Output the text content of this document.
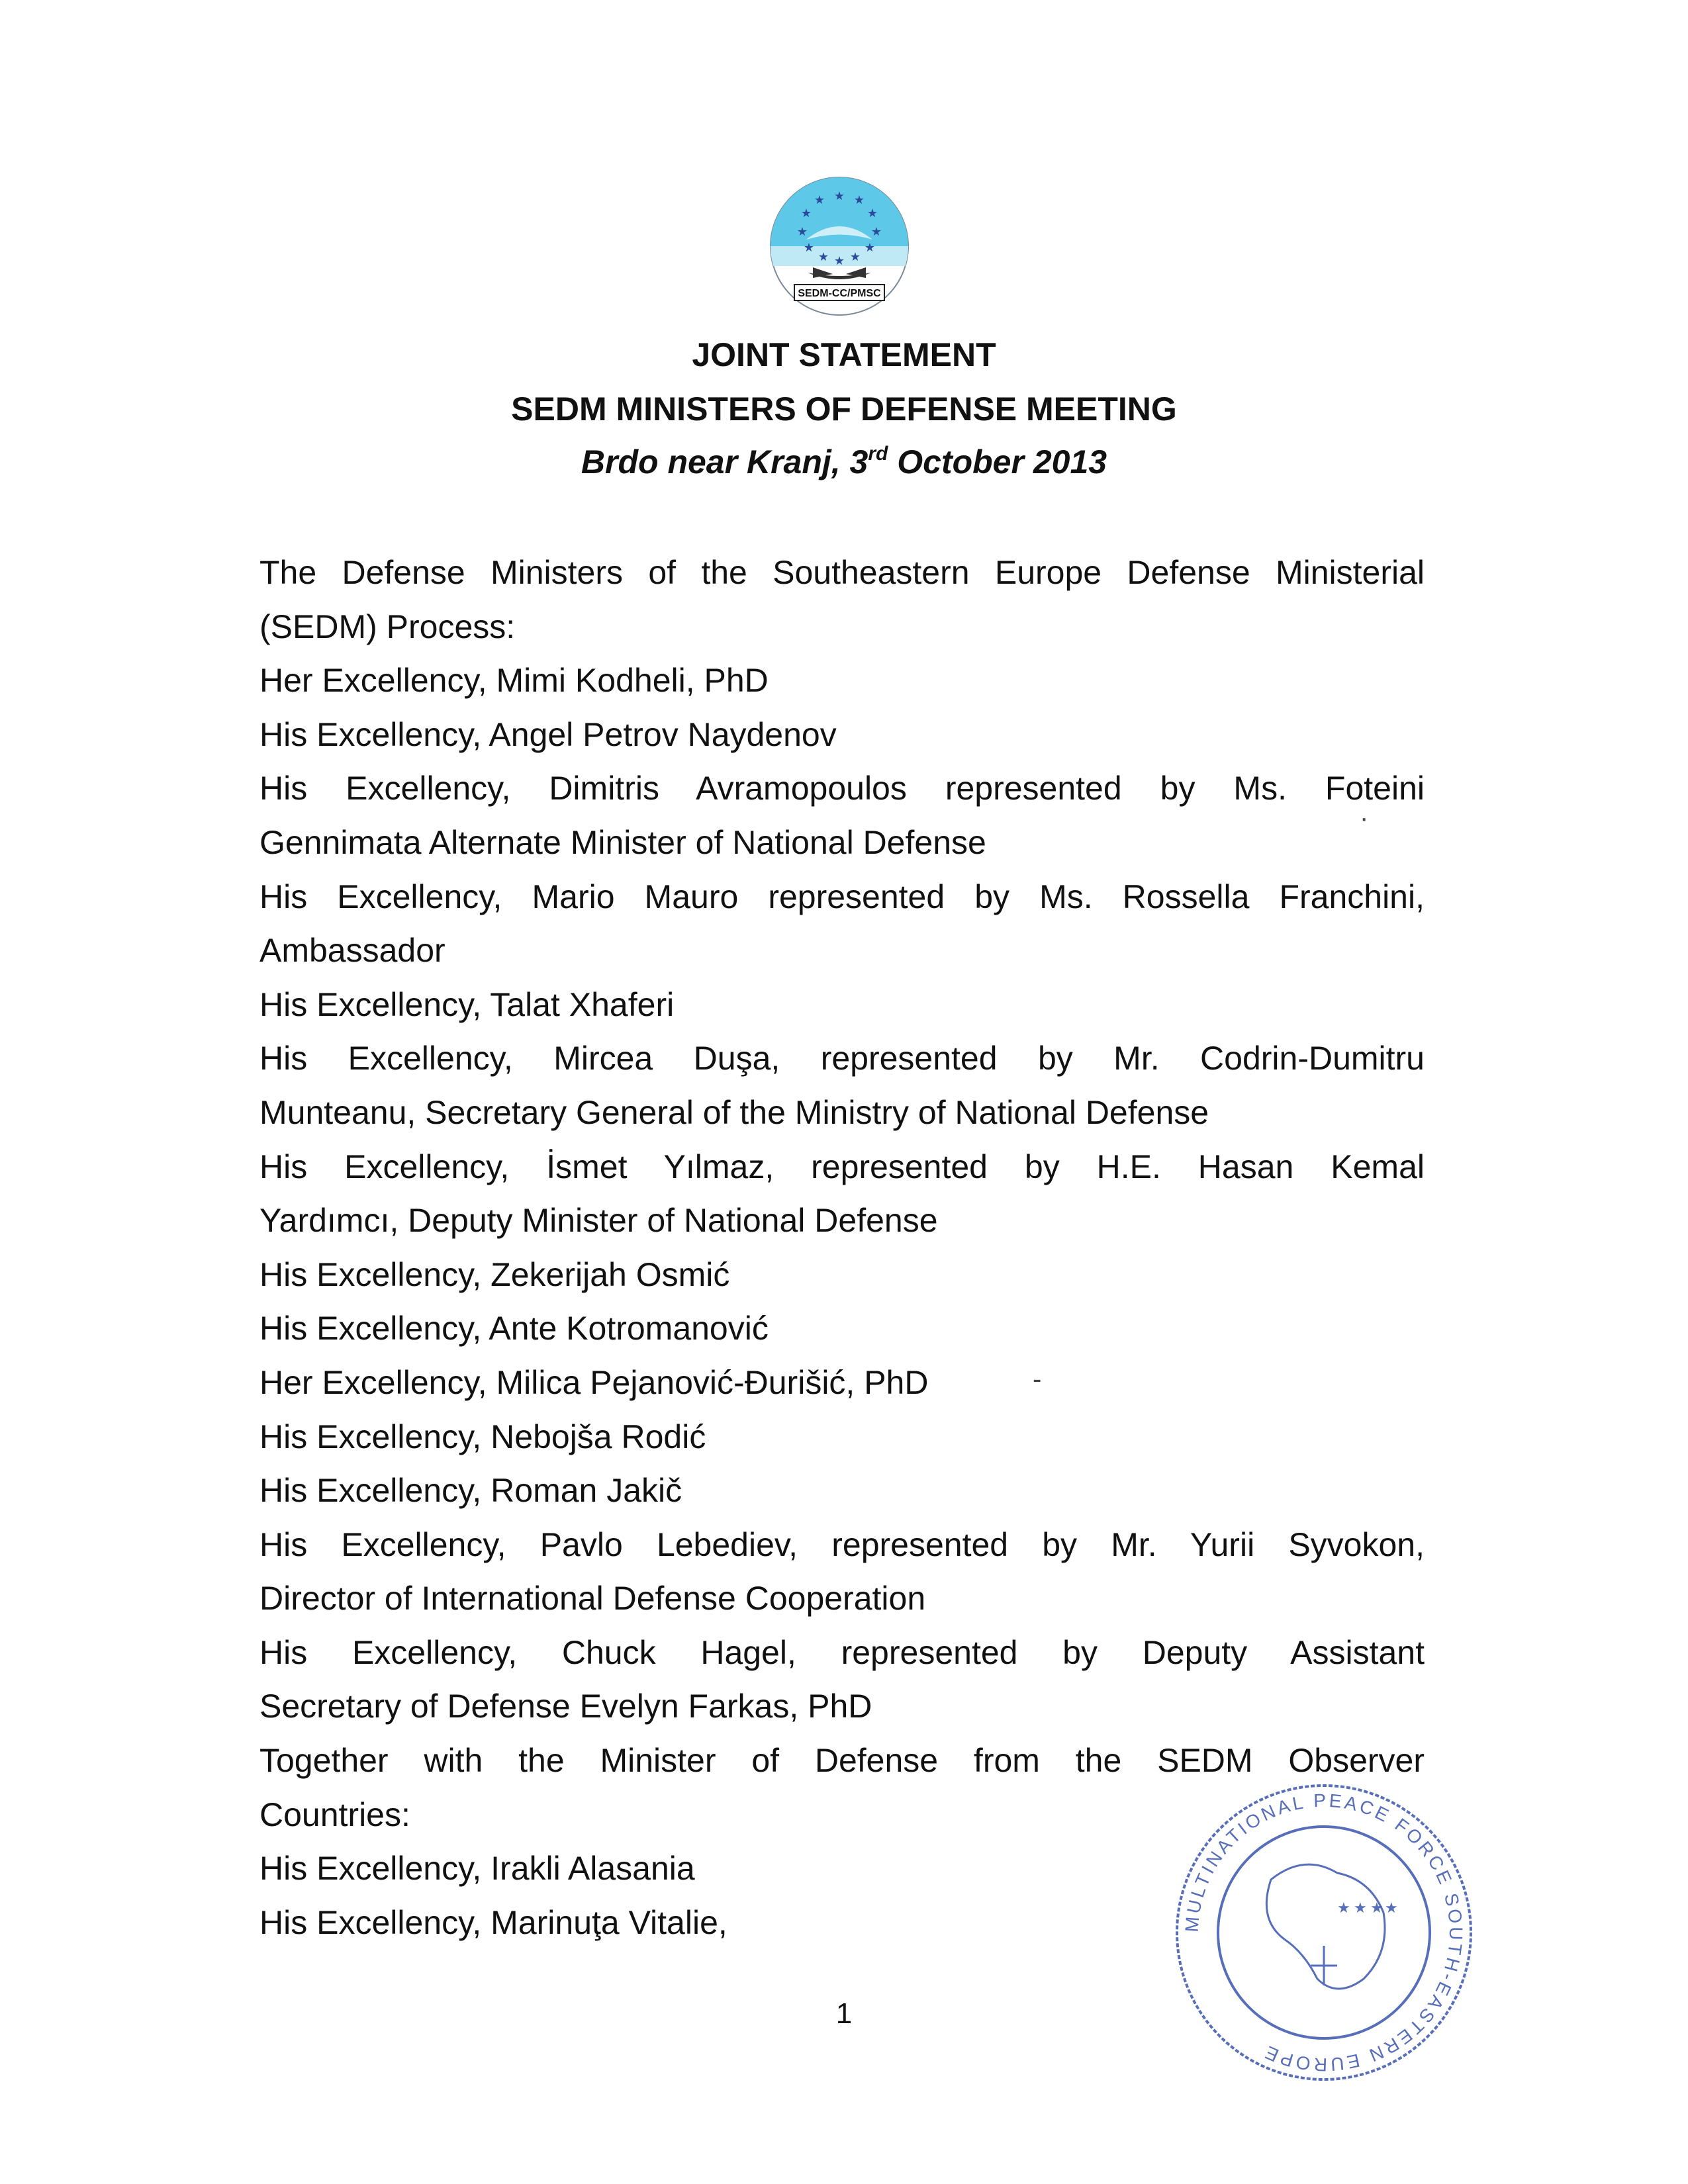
★ ★
★
★
★
★
★
★
★
★
★ ★
SEDM-CC/PMSC
JOINT STATEMENT
SEDM MINISTERS OF DEFENSE MEETING
Brdo near Kranj, 3rd October 2013
The Defense Ministers of the Southeastern Europe Defense Ministerial
(SEDM) Process:
Her Excellency, Mimi Kodheli, PhD
His Excellency, Angel Petrov Naydenov
His Excellency, Dimitris Avramopoulos represented by Ms. Foteini
Gennimata Alternate Minister of National Defense
His Excellency, Mario Mauro represented by Ms. Rossella Franchini,
Ambassador
His Excellency, Talat Xhaferi
His Excellency, Mircea Duşa, represented by Mr. Codrin-Dumitru
Munteanu, Secretary General of the Ministry of National Defense
His Excellency, İsmet Yılmaz, represented by H.E. Hasan Kemal
Yardımcı, Deputy Minister of National Defense
His Excellency, Zekerijah Osmić
His Excellency, Ante Kotromanović
Her Excellency, Milica Pejanović-Đurišić, PhD
His Excellency, Nebojša Rodić
His Excellency, Roman Jakič
His Excellency, Pavlo Lebediev, represented by Mr. Yurii Syvokon,
Director of International Defense Cooperation
His Excellency, Chuck Hagel, represented by Deputy Assistant
Secretary of Defense Evelyn Farkas, PhD
Together with the Minister of Defense from the SEDM Observer
Countries:
His Excellency, Irakli Alasania
His Excellency, Marinuţa Vitalie,
·
-
1
★ ★ ★ ★
MULTINATIONAL PEACE FORCE SOUTH-EASTERN EUROPE
